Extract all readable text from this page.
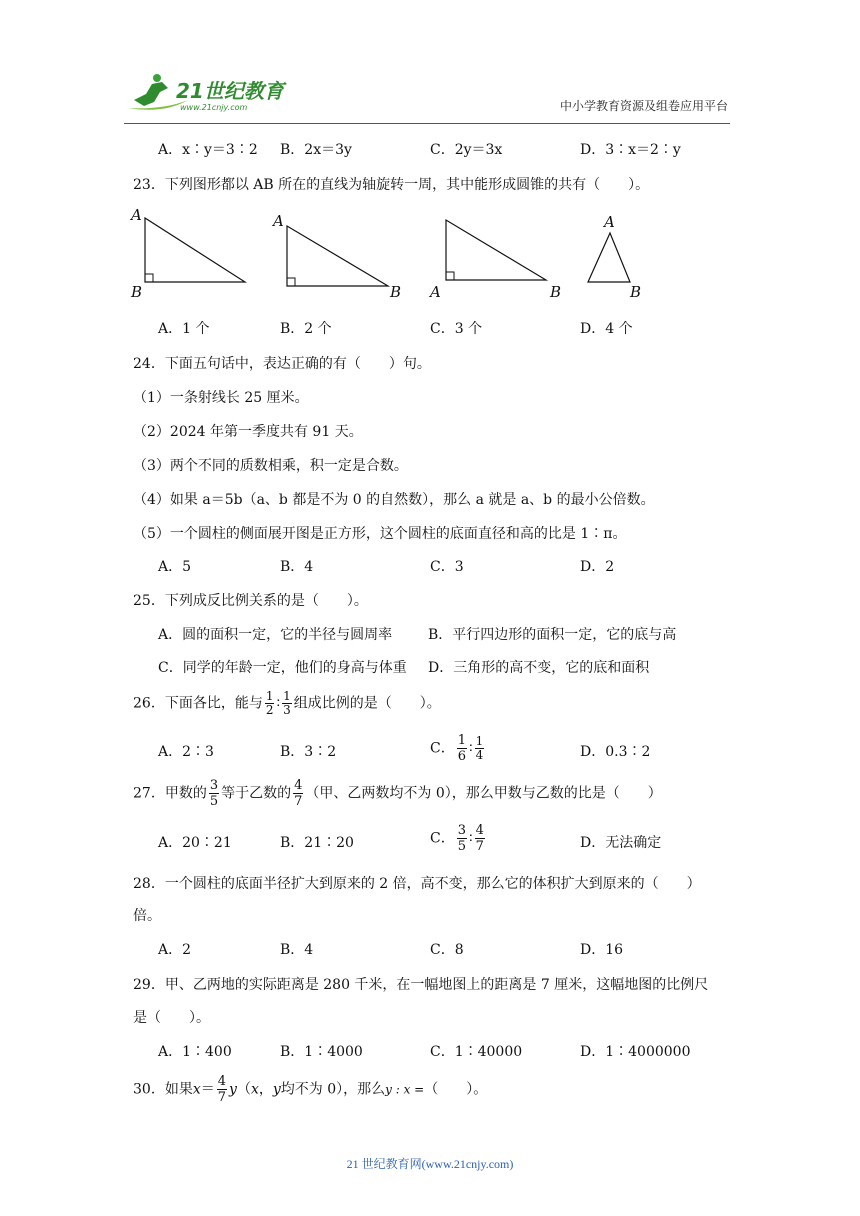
21世纪教育
www.21cnjy.com	中小学教育资源及组卷应用平台
A．x∶y＝3∶2 B．2x＝3y	C．2y＝3x	D．3∶x＝2∶y
23．下列图形都以 AB 所在的直线为轴旋转一周，其中能形成圆锥的共有（　　）。
A
B
A
B A	B
A
B
A．1 个	B．2 个	C．3 个	D．4 个
24．下面五句话中，表达正确的有（　　）句。
（1）一条射线长 25 厘米。
（2）2024 年第一季度共有 91 天。
（3）两个不同的质数相乘，积一定是合数。
（4）如果 a＝5b（a、b 都是不为 0 的自然数），那么 a 就是 a、b 的最小公倍数。
（5）一个圆柱的侧面展开图是正方形，这个圆柱的底面直径和高的比是 1∶π。
A．5	B．4	C．3	D．2
25．下列成反比例关系的是（　　）。
A．圆的面积一定，它的半径与圆周率	B．平行四边形的面积一定，它的底与高
C．同学的年龄一定，他们的身高与体重 D．三角形的高不变，它的底和面积
26．下面各比，能与 $\frac{1}{2}$ ∶ $\frac{1}{3}$ 组成比例的是（　　）。
A．2∶3	B．3∶2	C． $\frac{1}{6}$ ∶ $\frac{1}{4}$	D．0.3∶2
27．甲数的 $\frac{3}{5}$ 等于乙数的 $\frac{4}{7}$ （甲、乙两数均不为 0），那么甲数与乙数的比是（　　）
A．20∶21	B．21∶20	C． $\frac{3}{5}$ ∶ $\frac{4}{7}$	D．无法确定
28．一个圆柱的底面半径扩大到原来的 2 倍，高不变，那么它的体积扩大到原来的（　　）
倍。
A．2	B．4	C．8	D．16
29．甲、乙两地的实际距离是 280 千米，在一幅地图上的距离是 7 厘米，这幅地图的比例尺
是（　　）。
A．1∶400	B．1∶4000	C．1∶40000	D．1∶4000000
30．如果$x= \frac{4}{7} y(x$，y均不为 0），那么y : x =（　　）。
21 世纪教育网(www.21cnjy.com)
